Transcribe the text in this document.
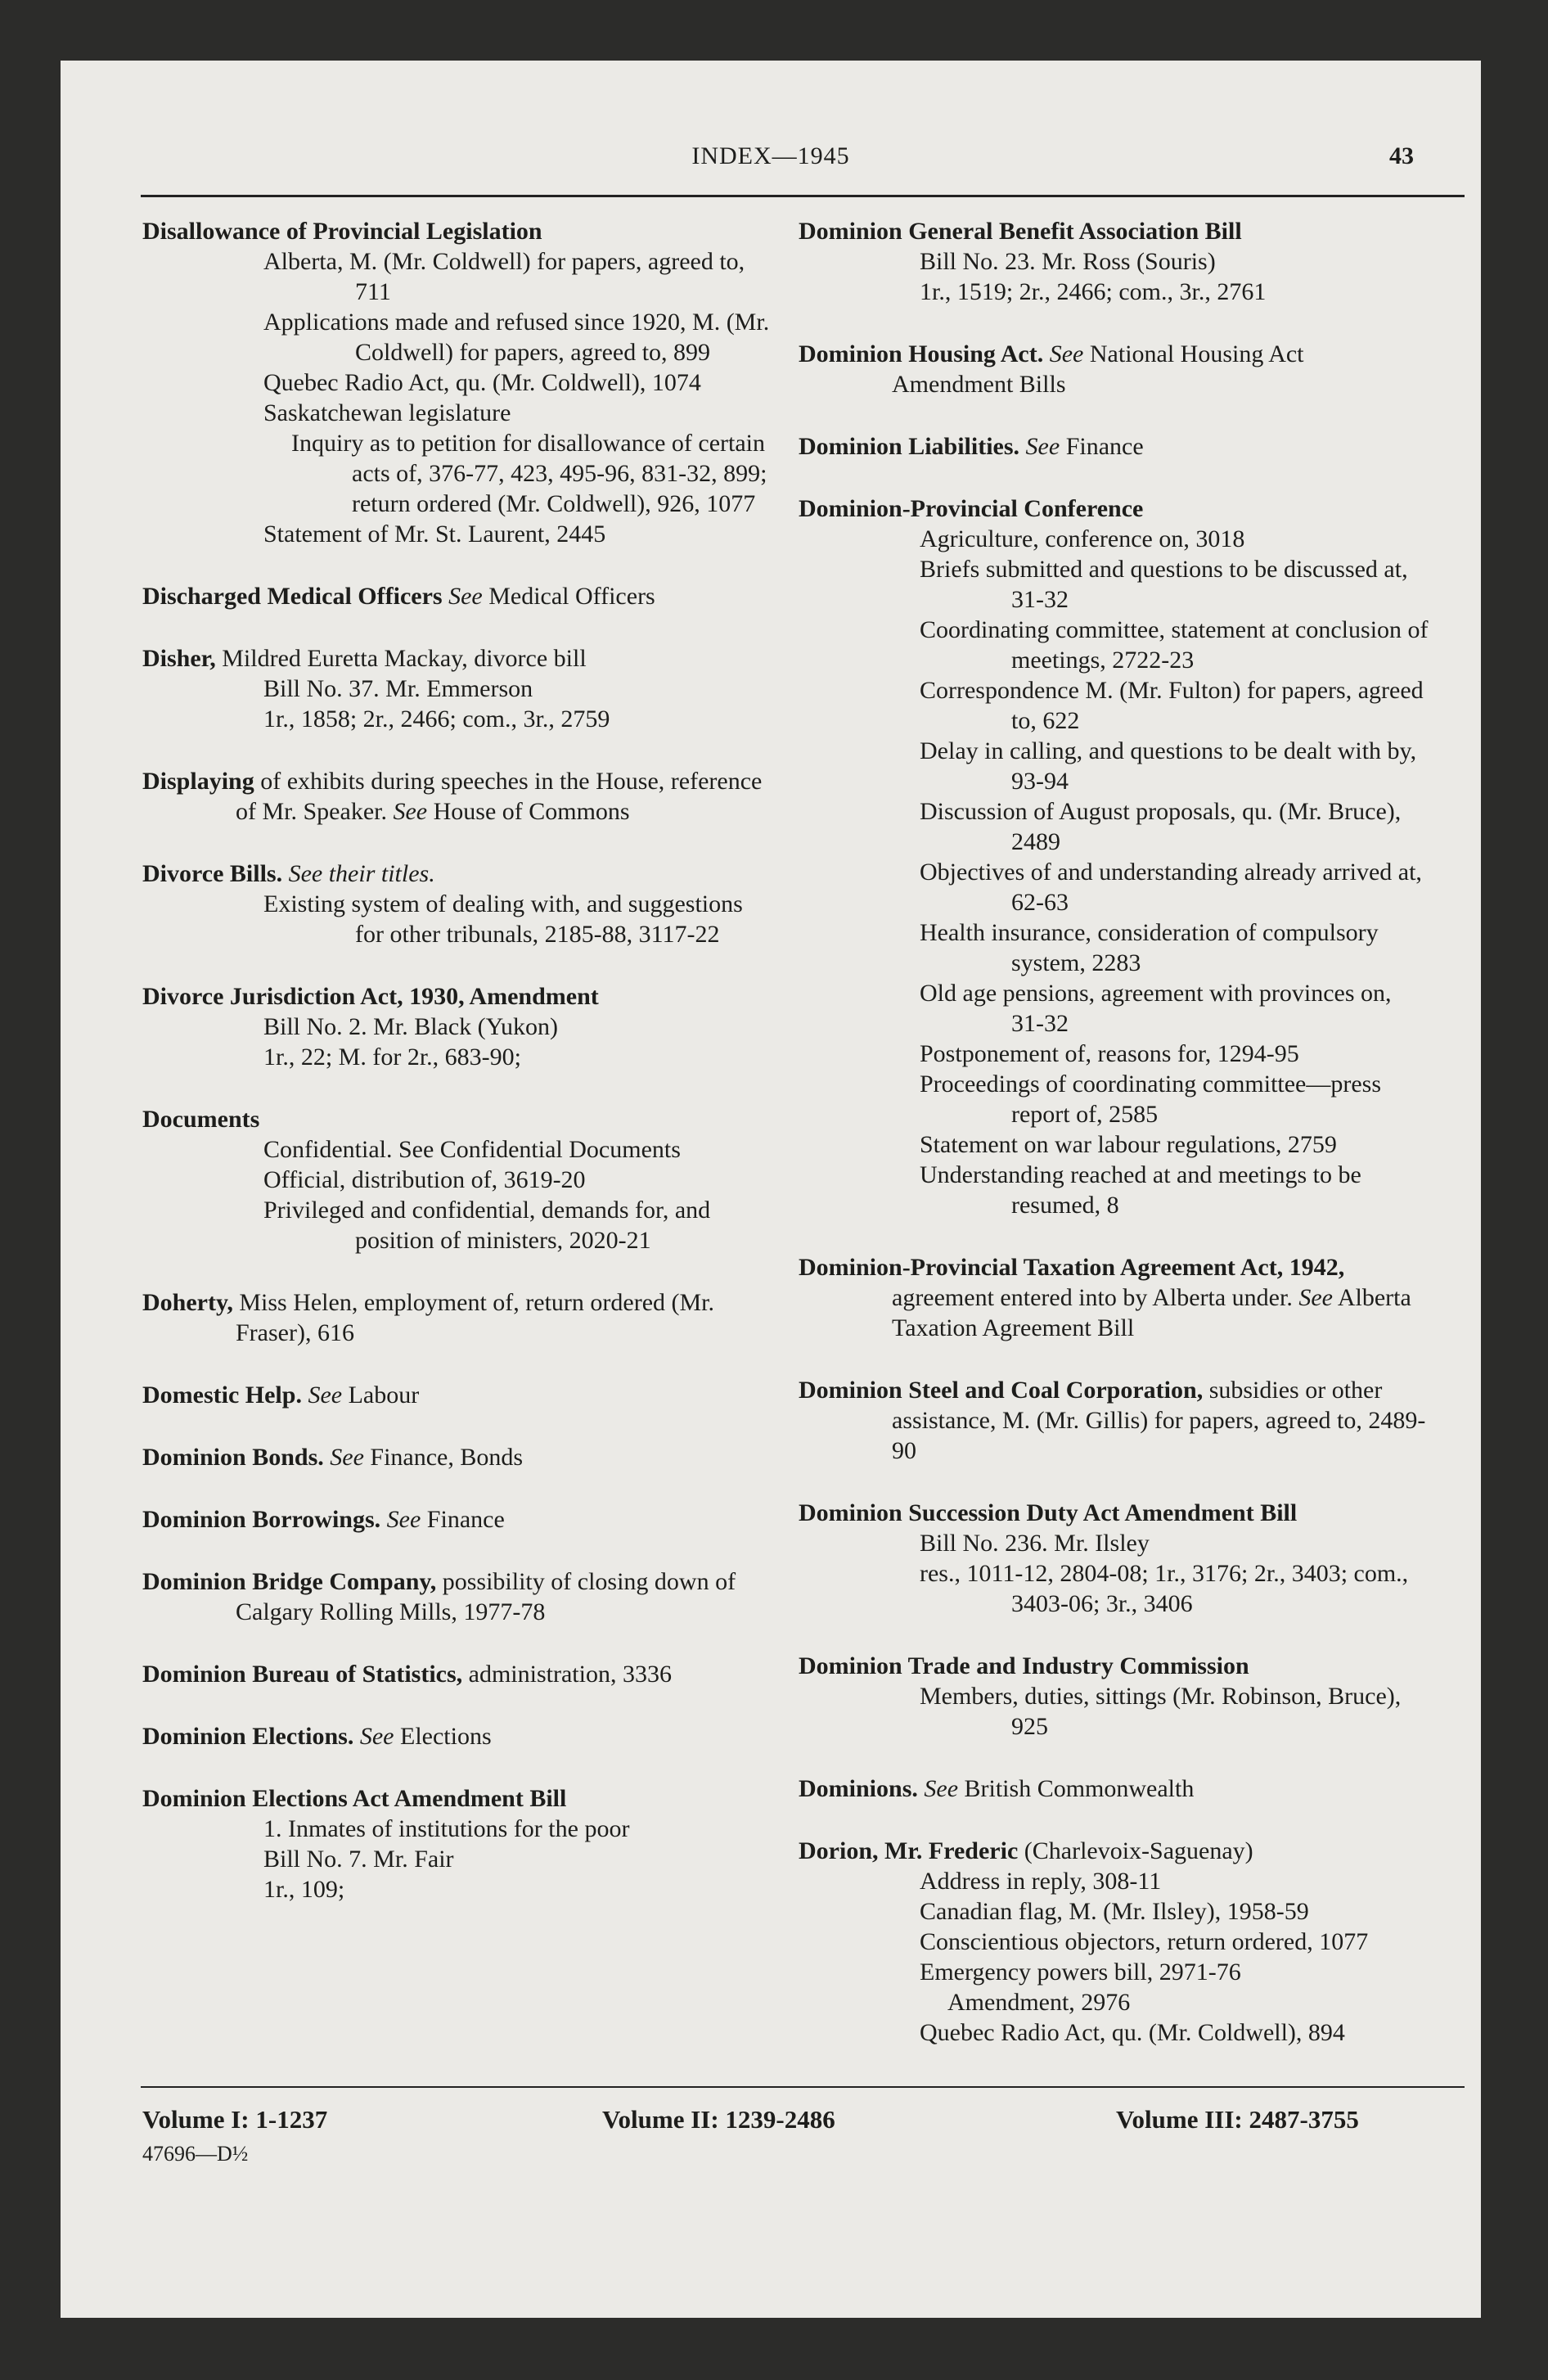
INDEX—1945	43
Disallowance of Provincial Legislation
Alberta, M. (Mr. Coldwell) for papers, agreed to, 711
Applications made and refused since 1920, M. (Mr. Coldwell) for papers, agreed to, 899
Quebec Radio Act, qu. (Mr. Coldwell), 1074
Saskatchewan legislature
Inquiry as to petition for disallowance of certain acts of, 376-77, 423, 495-96, 831-32, 899; return ordered (Mr. Coldwell), 926, 1077
Statement of Mr. St. Laurent, 2445
Discharged Medical Officers See Medical Officers
Disher, Mildred Euretta Mackay, divorce bill
Bill No. 37. Mr. Emmerson
1r., 1858; 2r., 2466; com., 3r., 2759
Displaying of exhibits during speeches in the House, reference of Mr. Speaker. See House of Commons
Divorce Bills. See their titles.
Existing system of dealing with, and suggestions for other tribunals, 2185-88, 3117-22
Divorce Jurisdiction Act, 1930, Amendment
Bill No. 2. Mr. Black (Yukon)
1r., 22; M. for 2r., 683-90;
Documents
Confidential. See Confidential Documents
Official, distribution of, 3619-20
Privileged and confidential, demands for, and position of ministers, 2020-21
Doherty, Miss Helen, employment of, return ordered (Mr. Fraser), 616
Domestic Help. See Labour
Dominion Bonds. See Finance, Bonds
Dominion Borrowings. See Finance
Dominion Bridge Company, possibility of closing down of Calgary Rolling Mills, 1977-78
Dominion Bureau of Statistics, administration, 3336
Dominion Elections. See Elections
Dominion Elections Act Amendment Bill
1. Inmates of institutions for the poor
Bill No. 7. Mr. Fair
1r., 109;
Dominion General Benefit Association Bill
Bill No. 23. Mr. Ross (Souris)
1r., 1519; 2r., 2466; com., 3r., 2761
Dominion Housing Act. See National Housing Act Amendment Bills
Dominion Liabilities. See Finance
Dominion-Provincial Conference
Agriculture, conference on, 3018
Briefs submitted and questions to be discussed at, 31-32
Coordinating committee, statement at conclusion of meetings, 2722-23
Correspondence M. (Mr. Fulton) for papers, agreed to, 622
Delay in calling, and questions to be dealt with by, 93-94
Discussion of August proposals, qu. (Mr. Bruce), 2489
Objectives of and understanding already arrived at, 62-63
Health insurance, consideration of compulsory system, 2283
Old age pensions, agreement with provinces on, 31-32
Postponement of, reasons for, 1294-95
Proceedings of coordinating committee—press report of, 2585
Statement on war labour regulations, 2759
Understanding reached at and meetings to be resumed, 8
Dominion-Provincial Taxation Agreement Act, 1942, agreement entered into by Alberta under. See Alberta Taxation Agreement Bill
Dominion Steel and Coal Corporation, subsidies or other assistance, M. (Mr. Gillis) for papers, agreed to, 2489-90
Dominion Succession Duty Act Amendment Bill
Bill No. 236. Mr. Ilsley
res., 1011-12, 2804-08; 1r., 3176; 2r., 3403; com., 3403-06; 3r., 3406
Dominion Trade and Industry Commission
Members, duties, sittings (Mr. Robinson, Bruce), 925
Dominions. See British Commonwealth
Dorion, Mr. Frederic (Charlevoix-Saguenay)
Address in reply, 308-11
Canadian flag, M. (Mr. Ilsley), 1958-59
Conscientious objectors, return ordered, 1077
Emergency powers bill, 2971-76
Amendment, 2976
Quebec Radio Act, qu. (Mr. Coldwell), 894
Volume I: 1-1237	Volume II: 1239-2486	Volume III: 2487-3755
47696—D½
